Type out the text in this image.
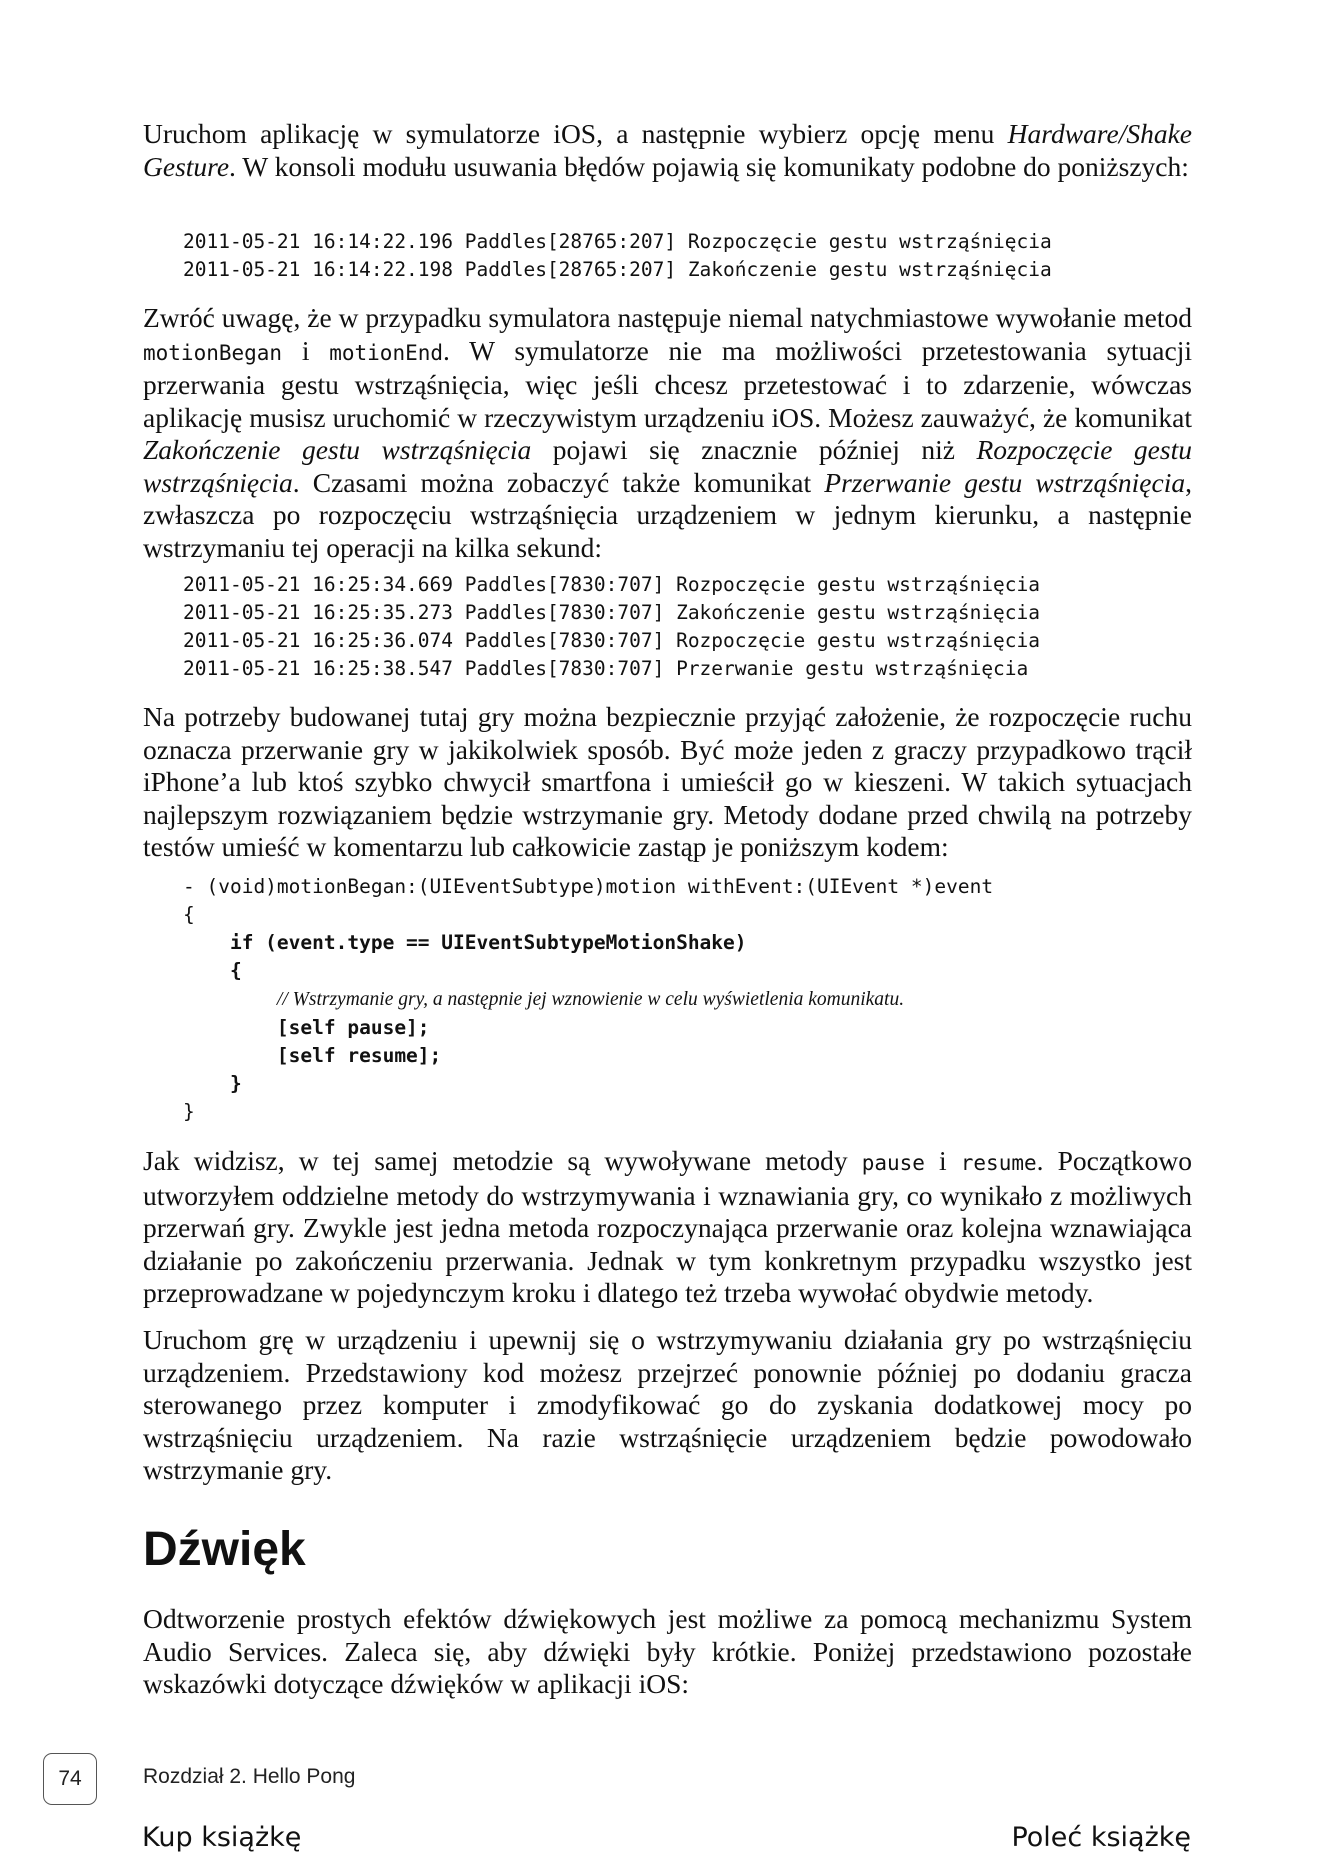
Uruchom aplikację w symulatorze iOS, a następnie wybierz opcję menu Hardware/Shake Gesture. W konsoli modułu usuwania błędów pojawią się komunikaty podobne do poniższych:

2011-05-21 16:14:22.196 Paddles[28765:207] Rozpoczęcie gestu wstrząśnięcia
2011-05-21 16:14:22.198 Paddles[28765:207] Zakończenie gestu wstrząśnięcia

Zwróć uwagę, że w przypadku symulatora następuje niemal natychmiastowe wywołanie metod motionBegan i motionEnd. W symulatorze nie ma możliwości przetestowania sytuacji przerwania gestu wstrząśnięcia, więc jeśli chcesz przetestować i to zdarzenie, wówczas aplikację musisz uruchomić w rzeczywistym urządzeniu iOS. Możesz zauważyć, że komunikat Zakończenie gestu wstrząśnięcia pojawi się znacznie później niż Rozpoczęcie gestu wstrząśnięcia. Czasami można zobaczyć także komunikat Przerwanie gestu wstrząśnięcia, zwłaszcza po rozpoczęciu wstrząśnięcia urządzeniem w jednym kierunku, a następnie wstrzymaniu tej operacji na kilka sekund:

2011-05-21 16:25:34.669 Paddles[7830:707] Rozpoczęcie gestu wstrząśnięcia
2011-05-21 16:25:35.273 Paddles[7830:707] Zakończenie gestu wstrząśnięcia
2011-05-21 16:25:36.074 Paddles[7830:707] Rozpoczęcie gestu wstrząśnięcia
2011-05-21 16:25:38.547 Paddles[7830:707] Przerwanie gestu wstrząśnięcia

Na potrzeby budowanej tutaj gry można bezpiecznie przyjąć założenie, że rozpoczęcie ruchu oznacza przerwanie gry w jakikolwiek sposób. Być może jeden z graczy przypadkowo trącił iPhone’a lub ktoś szybko chwycił smartfona i umieścił go w kieszeni. W takich sytuacjach najlepszym rozwiązaniem będzie wstrzymanie gry. Metody dodane przed chwilą na potrzeby testów umieść w komentarzu lub całkowicie zastąp je poniższym kodem:

- (void)motionBegan:(UIEventSubtype)motion withEvent:(UIEvent *)event
{
if (event.type == UIEventSubtypeMotionShake)
{
// Wstrzymanie gry, a następnie jej wznowienie w celu wyświetlenia komunikatu.
[self pause];
[self resume];
}
}

Jak widzisz, w tej samej metodzie są wywoływane metody pause i resume. Początkowo utworzyłem oddzielne metody do wstrzymywania i wznawiania gry, co wynikało z możliwych przerwań gry. Zwykle jest jedna metoda rozpoczynająca przerwanie oraz kolejna wznawiająca działanie po zakończeniu przerwania. Jednak w tym konkretnym przypadku wszystko jest przeprowadzane w pojedynczym kroku i dlatego też trzeba wywołać obydwie metody.

Uruchom grę w urządzeniu i upewnij się o wstrzymywaniu działania gry po wstrząśnięciu urządzeniem. Przedstawiony kod możesz przejrzeć ponownie później po dodaniu gracza sterowanego przez komputer i zmodyfikować go do zyskania dodatkowej mocy po wstrząśnięciu urządzeniem. Na razie wstrząśnięcie urządzeniem będzie powodowało wstrzymanie gry.

Dźwięk

Odtworzenie prostych efektów dźwiękowych jest możliwe za pomocą mechanizmu System Audio Services. Zaleca się, aby dźwięki były krótkie. Poniżej przedstawiono pozostałe wskazówki dotyczące dźwięków w aplikacji iOS:

74	Rozdział 2. Hello Pong
Kup książkę	Poleć książkę
